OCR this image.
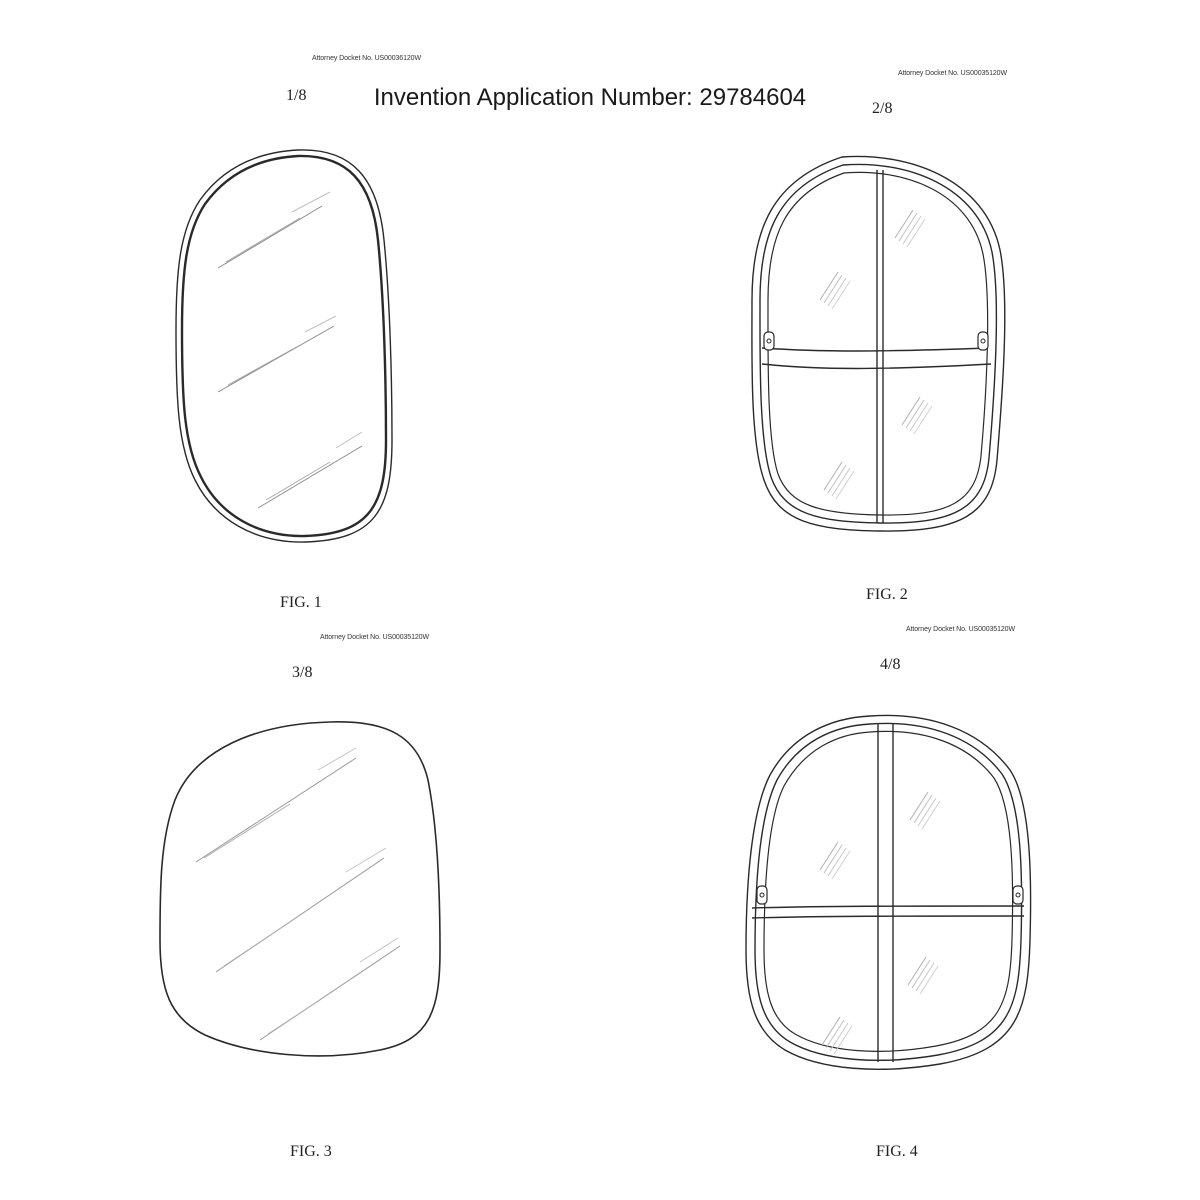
Attorney Docket No. US00036120W
Attorney Docket No. US00035120W
Attorney Docket No. US00035120W
Attorney Docket No. US00035120W
1/8
2/8
3/8	4/8
Invention Application Number: 29784604
FIG. 1	FIG. 2
FIG. 3	FIG. 4
